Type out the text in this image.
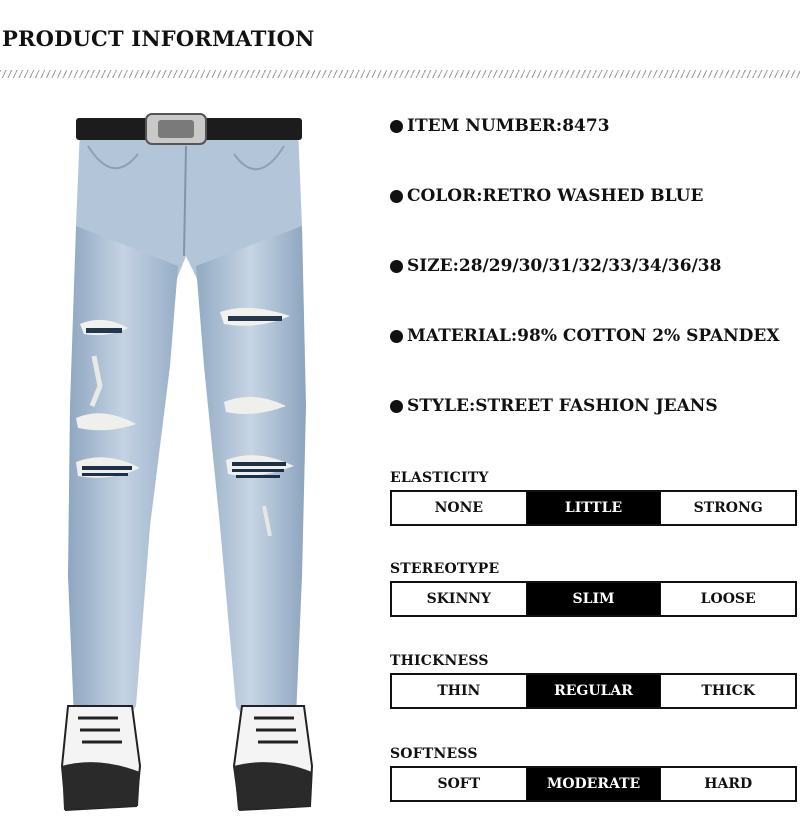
PRODUCT INFORMATION
ITEM NUMBER:8473
COLOR:RETRO WASHED BLUE
SIZE:28/29/30/31/32/33/34/36/38
MATERIAL:98% COTTON 2% SPANDEX
STYLE:STREET FASHION JEANS
ELASTICITY
NONE	LITTLE	STRONG
STEREOTYPE
SKINNY	SLIM	LOOSE
THICKNESS
THIN	REGULAR	THICK
SOFTNESS
SOFT	MODERATE	HARD
